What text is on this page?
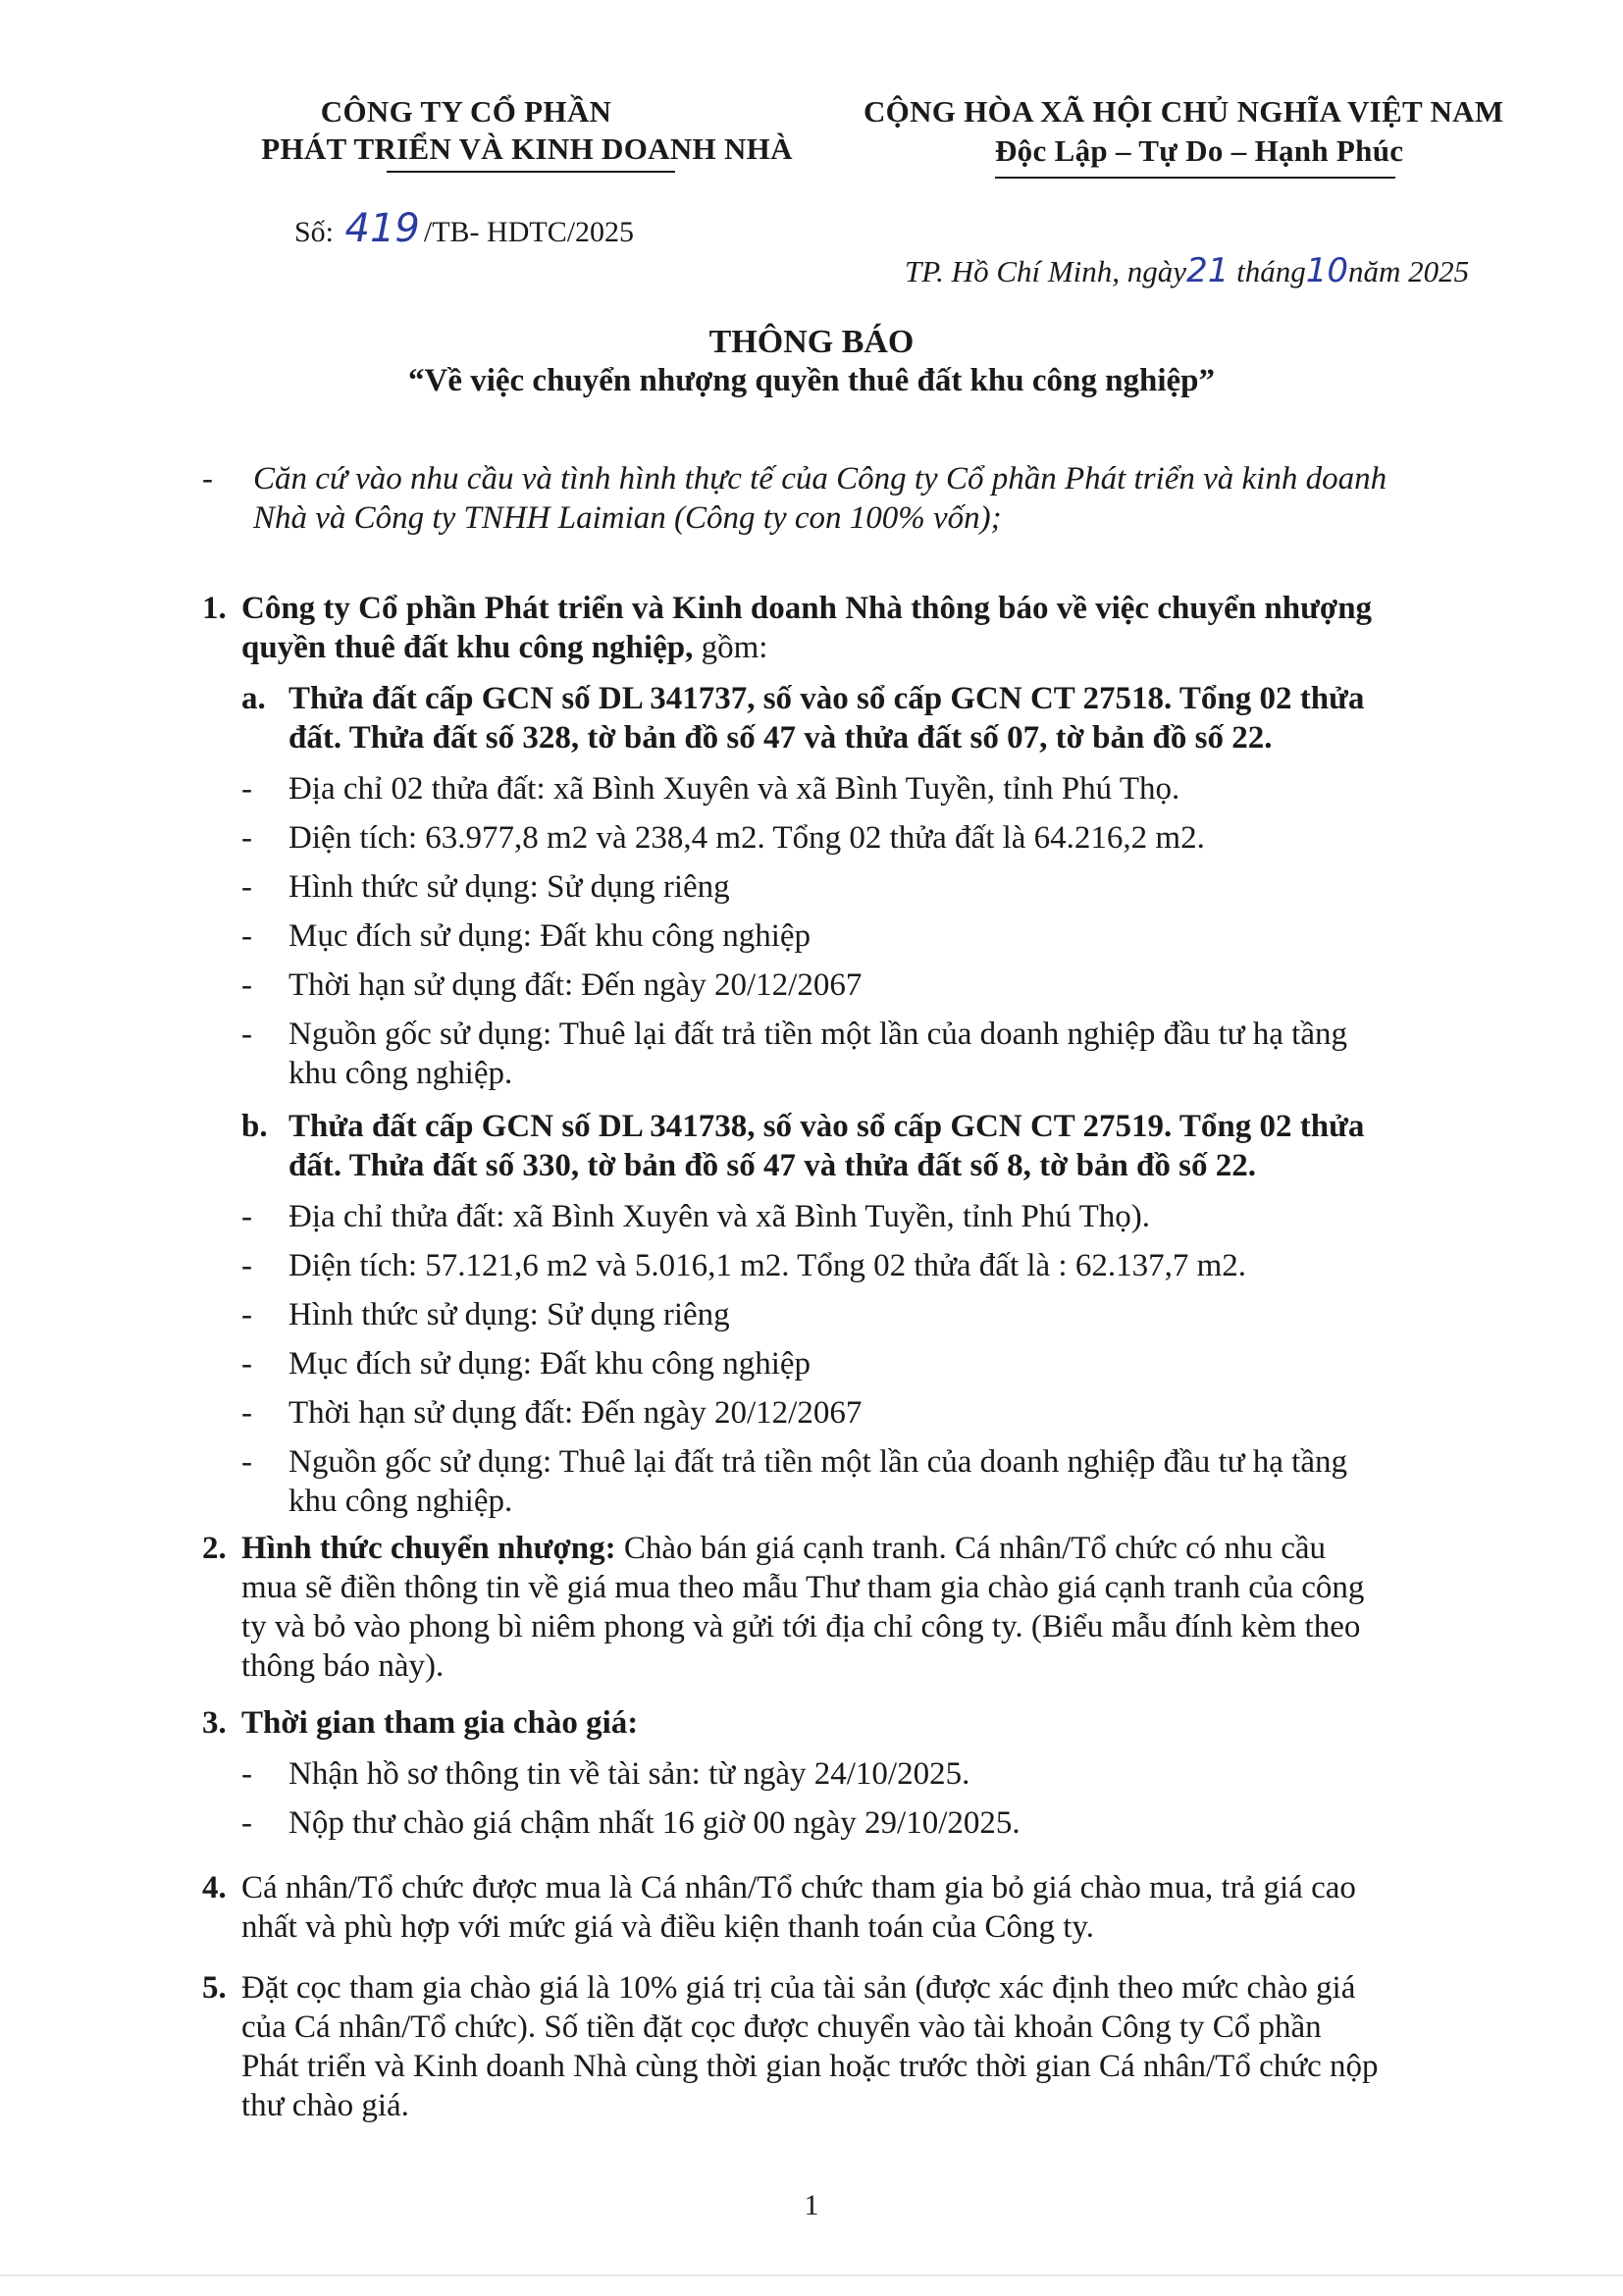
CÔNG TY CỔ PHẦN
PHÁT TRIỂN VÀ KINH DOANH NHÀ
CỘNG HÒA XÃ HỘI CHỦ NGHĨA VIỆT NAM
Độc Lập – Tự Do – Hạnh Phúc
Số: 419 /TB- HDTC/2025
TP. Hồ Chí Minh, ngày21 tháng10năm 2025
THÔNG BÁO
“Về việc chuyển nhượng quyền thuê đất khu công nghiệp”
- Căn cứ vào nhu cầu và tình hình thực tế của Công ty Cổ phần Phát triển và kinh doanh
Nhà và Công ty TNHH Laimian (Công ty con 100% vốn);
1. Công ty Cổ phần Phát triển và Kinh doanh Nhà thông báo về việc chuyển nhượng
quyền thuê đất khu công nghiệp, gồm:
a. Thửa đất cấp GCN số DL 341737, số vào sổ cấp GCN CT 27518. Tổng 02 thửa
đất. Thửa đất số 328, tờ bản đồ số 47 và thửa đất số 07, tờ bản đồ số 22.
- Địa chỉ 02 thửa đất: xã Bình Xuyên và xã Bình Tuyền, tỉnh Phú Thọ.
- Diện tích: 63.977,8 m2 và 238,4 m2. Tổng 02 thửa đất là 64.216,2 m2.
- Hình thức sử dụng: Sử dụng riêng
- Mục đích sử dụng: Đất khu công nghiệp
- Thời hạn sử dụng đất: Đến ngày 20/12/2067
- Nguồn gốc sử dụng: Thuê lại đất trả tiền một lần của doanh nghiệp đầu tư hạ tầng
khu công nghiệp.
b. Thửa đất cấp GCN số DL 341738, số vào sổ cấp GCN CT 27519. Tổng 02 thửa
đất. Thửa đất số 330, tờ bản đồ số 47 và thửa đất số 8, tờ bản đồ số 22.
- Địa chỉ thửa đất: xã Bình Xuyên và xã Bình Tuyền, tỉnh Phú Thọ).
- Diện tích: 57.121,6 m2 và 5.016,1 m2. Tổng 02 thửa đất là : 62.137,7 m2.
- Hình thức sử dụng: Sử dụng riêng
- Mục đích sử dụng: Đất khu công nghiệp
- Thời hạn sử dụng đất: Đến ngày 20/12/2067
- Nguồn gốc sử dụng: Thuê lại đất trả tiền một lần của doanh nghiệp đầu tư hạ tầng
khu công nghiệp.
2. Hình thức chuyển nhượng: Chào bán giá cạnh tranh. Cá nhân/Tổ chức có nhu cầu
mua sẽ điền thông tin về giá mua theo mẫu Thư tham gia chào giá cạnh tranh của công
ty và bỏ vào phong bì niêm phong và gửi tới địa chỉ công ty. (Biểu mẫu đính kèm theo
thông báo này).
3. Thời gian tham gia chào giá:
- Nhận hồ sơ thông tin về tài sản: từ ngày 24/10/2025.
- Nộp thư chào giá chậm nhất 16 giờ 00 ngày 29/10/2025.
4. Cá nhân/Tổ chức được mua là Cá nhân/Tổ chức tham gia bỏ giá chào mua, trả giá cao
nhất và phù hợp với mức giá và điều kiện thanh toán của Công ty.
5. Đặt cọc tham gia chào giá là 10% giá trị của tài sản (được xác định theo mức chào giá
của Cá nhân/Tổ chức). Số tiền đặt cọc được chuyển vào tài khoản Công ty Cổ phần
Phát triển và Kinh doanh Nhà cùng thời gian hoặc trước thời gian Cá nhân/Tổ chức nộp
thư chào giá.
1
